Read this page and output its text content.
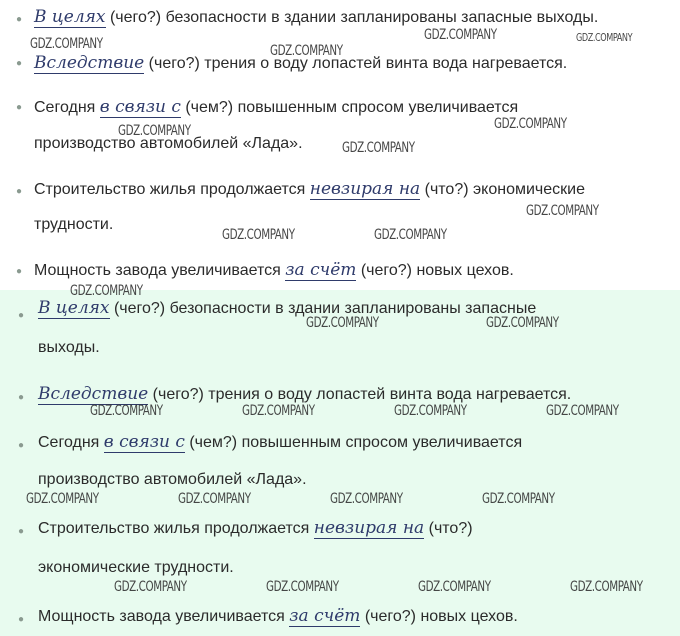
● В целях (чего?) безопасности в здании запланированы запасные выходы.
● Вследствие (чего?) трения о воду лопастей винта вода нагревается.
● Сегодня в связи с (чем?) повышенным спросом увеличивается
производство автомобилей «Лада».
● Строительство жилья продолжается невзирая на (что?) экономические
трудности.
● Мощность завода увеличивается за счёт (чего?) новых цехов.
● В целях (чего?) безопасности в здании запланированы запасные
выходы.
● Вследствие (чего?) трения о воду лопастей винта вода нагревается.
● Сегодня в связи с (чем?) повышенным спросом увеличивается
производство автомобилей «Лада».
● Строительство жилья продолжается невзирая на (что?)
экономические трудности.
● Мощность завода увеличивается за счёт (чего?) новых цехов.
GDZ.COMPANY	GDZ.COMPANY
GDZ.COMPANY	GDZ.COMPANY
GDZ.COMPANY	GDZ.COMPANY
GDZ.COMPANY
GDZ.COMPANY
GDZ.COMPANY	GDZ.COMPANY
GDZ.COMPANY
GDZ.COMPANY	GDZ.COMPANY
GDZ.COMPANY	GDZ.COMPANY	GDZ.COMPANY	GDZ.COMPANY
GDZ.COMPANY	GDZ.COMPANY	GDZ.COMPANY	GDZ.COMPANY
GDZ.COMPANY	GDZ.COMPANY	GDZ.COMPANY	GDZ.COMPANY
